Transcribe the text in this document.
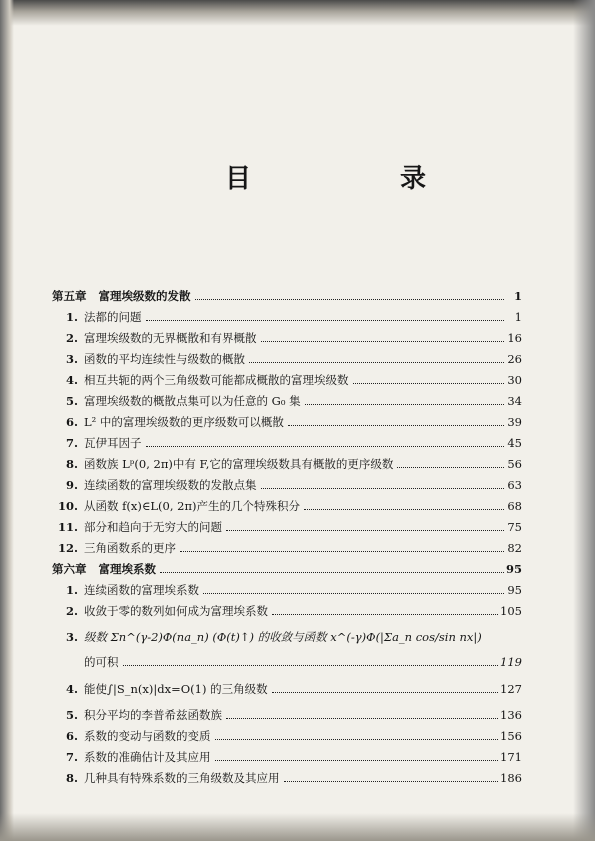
目 录
第五章 富理埃级数的发散	1
1. 法都的问题	1
2. 富理埃级数的无界概散和有界概散	16
3. 函数的平均连续性与级数的概散	26
4. 相互共轭的两个三角级数可能都成概散的富理埃级数	30
5. 富理埃级数的概散点集可以为任意的 G₀ 集	34
6. L² 中的富理埃级数的更序级数可以概散	39
7. 瓦伊耳因子	45
8. 函数族 Lᵖ(0, 2π)中有 F,它的富理埃级数具有概散的更序级数	56
9. 连续函数的富理埃级数的发散点集	63
10. 从函数 f(x)∈L(0, 2π)产生的几个特殊积分	68
11. 部分和趋向于无穷大的问题	75
12. 三角函数系的更序	82
第六章 富理埃系数	95
1. 连续函数的富理埃系数	95
2. 收敛于零的数列如何成为富理埃系数	105
3. 级数 Σn^(γ-2)Φ(na_n) (Φ(t)↑) 的收敛与函数 x^(-γ)Φ(|Σa_n cos/sin nx|)
的可积	119
4. 能使∫|S_n(x)|dx=O(1) 的三角级数	127
5. 积分平均的李普希兹函数族	136
6. 系数的变动与函数的变质	156
7. 系数的准确估计及其应用	171
8. 几种具有特殊系数的三角级数及其应用	186
